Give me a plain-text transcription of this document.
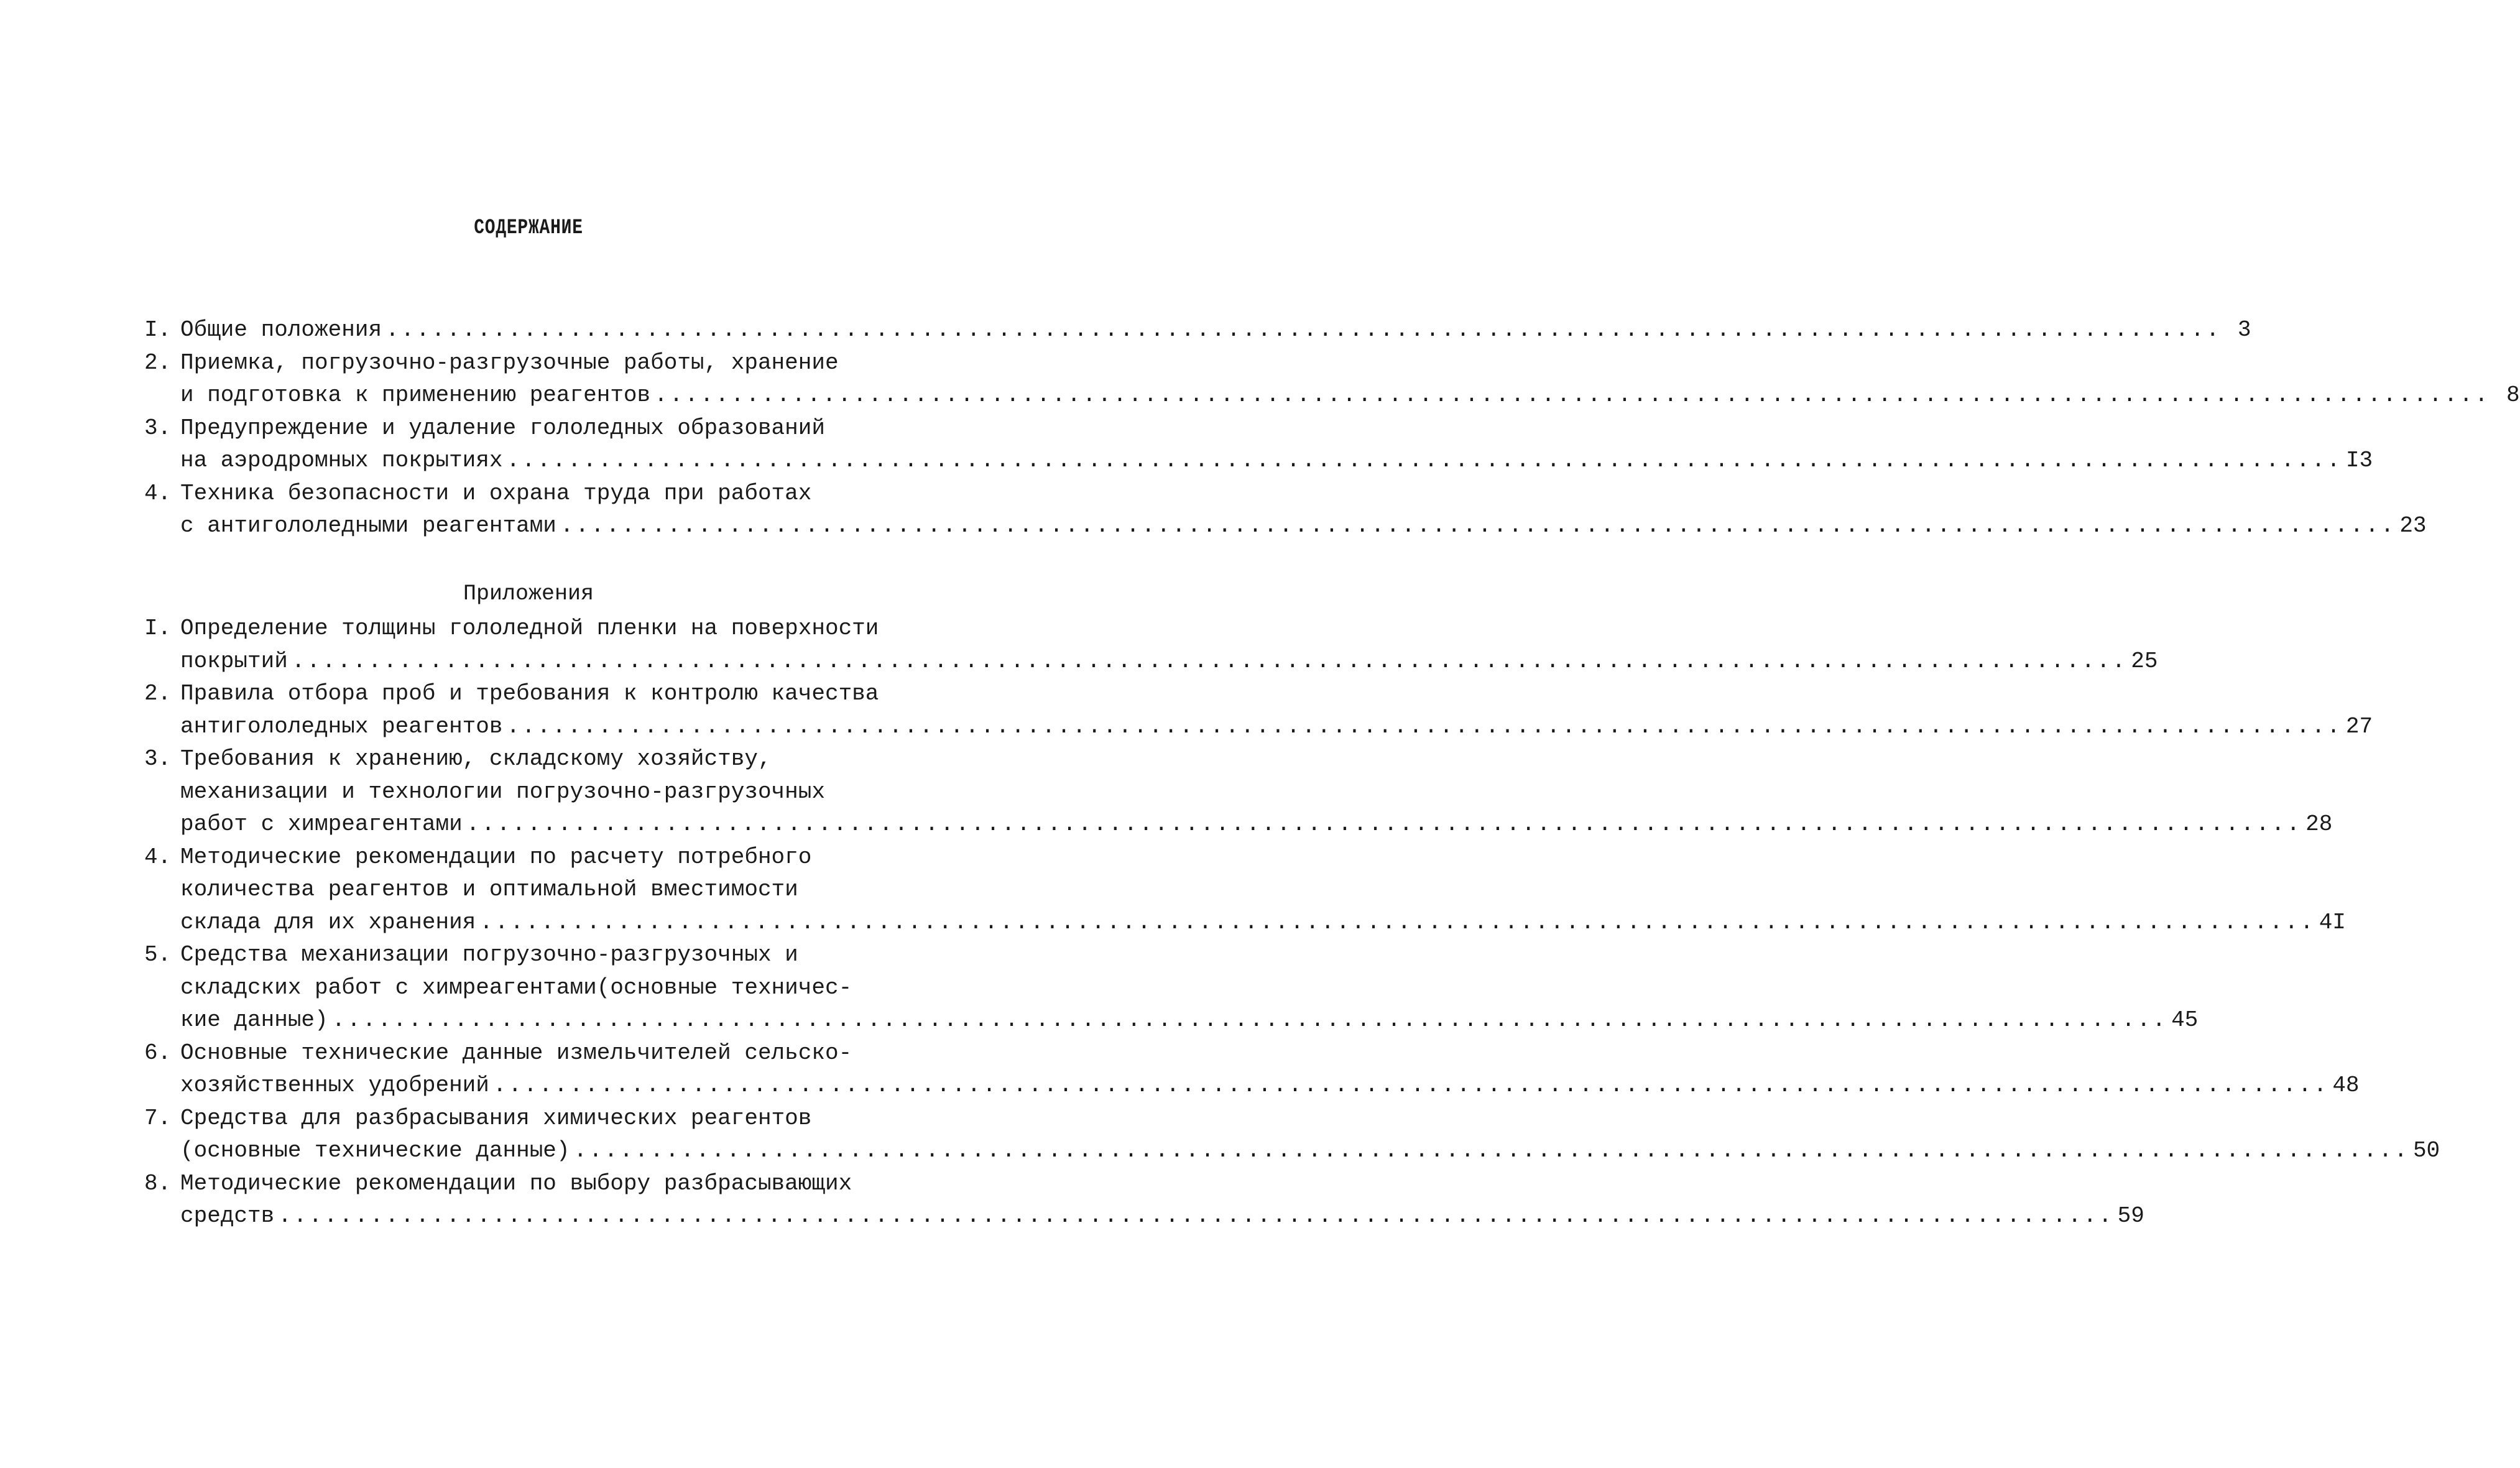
СОДЕРЖАНИЕ
I. Общие положения ........................................................................................................................ 3
2. Приемка, погрузочно-разгрузочные работы, хранение
и подготовка к применению реагентов ........................................................................................................................ 8
3. Предупреждение и удаление гололедных образований
на аэродромных покрытиях ........................................................................................................................ I3
4. Техника безопасности и охрана труда при работах
с антигололедными реагентами ........................................................................................................................ 23
Приложения
I. Определение толщины гололедной пленки на поверхности
покрытий ........................................................................................................................ 25
2. Правила отбора проб и требования к контролю качества
антигололедных реагентов ........................................................................................................................ 27
3. Требования к хранению, складскому хозяйству,
механизации и технологии погрузочно-разгрузочных
работ с химреагентами ........................................................................................................................ 28
4. Методические рекомендации по расчету потребного
количества реагентов и оптимальной вместимости
склада для их хранения ........................................................................................................................ 4I
5. Средства механизации погрузочно-разгрузочных и
складских работ с химреагентами(основные техничес-
кие данные) ........................................................................................................................ 45
6. Основные технические данные измельчителей сельско-
хозяйственных удобрений ........................................................................................................................ 48
7. Средства для разбрасывания химических реагентов
(основные технические данные) ........................................................................................................................ 50
8. Методические рекомендации по выбору разбрасывающих
средств ........................................................................................................................ 59
